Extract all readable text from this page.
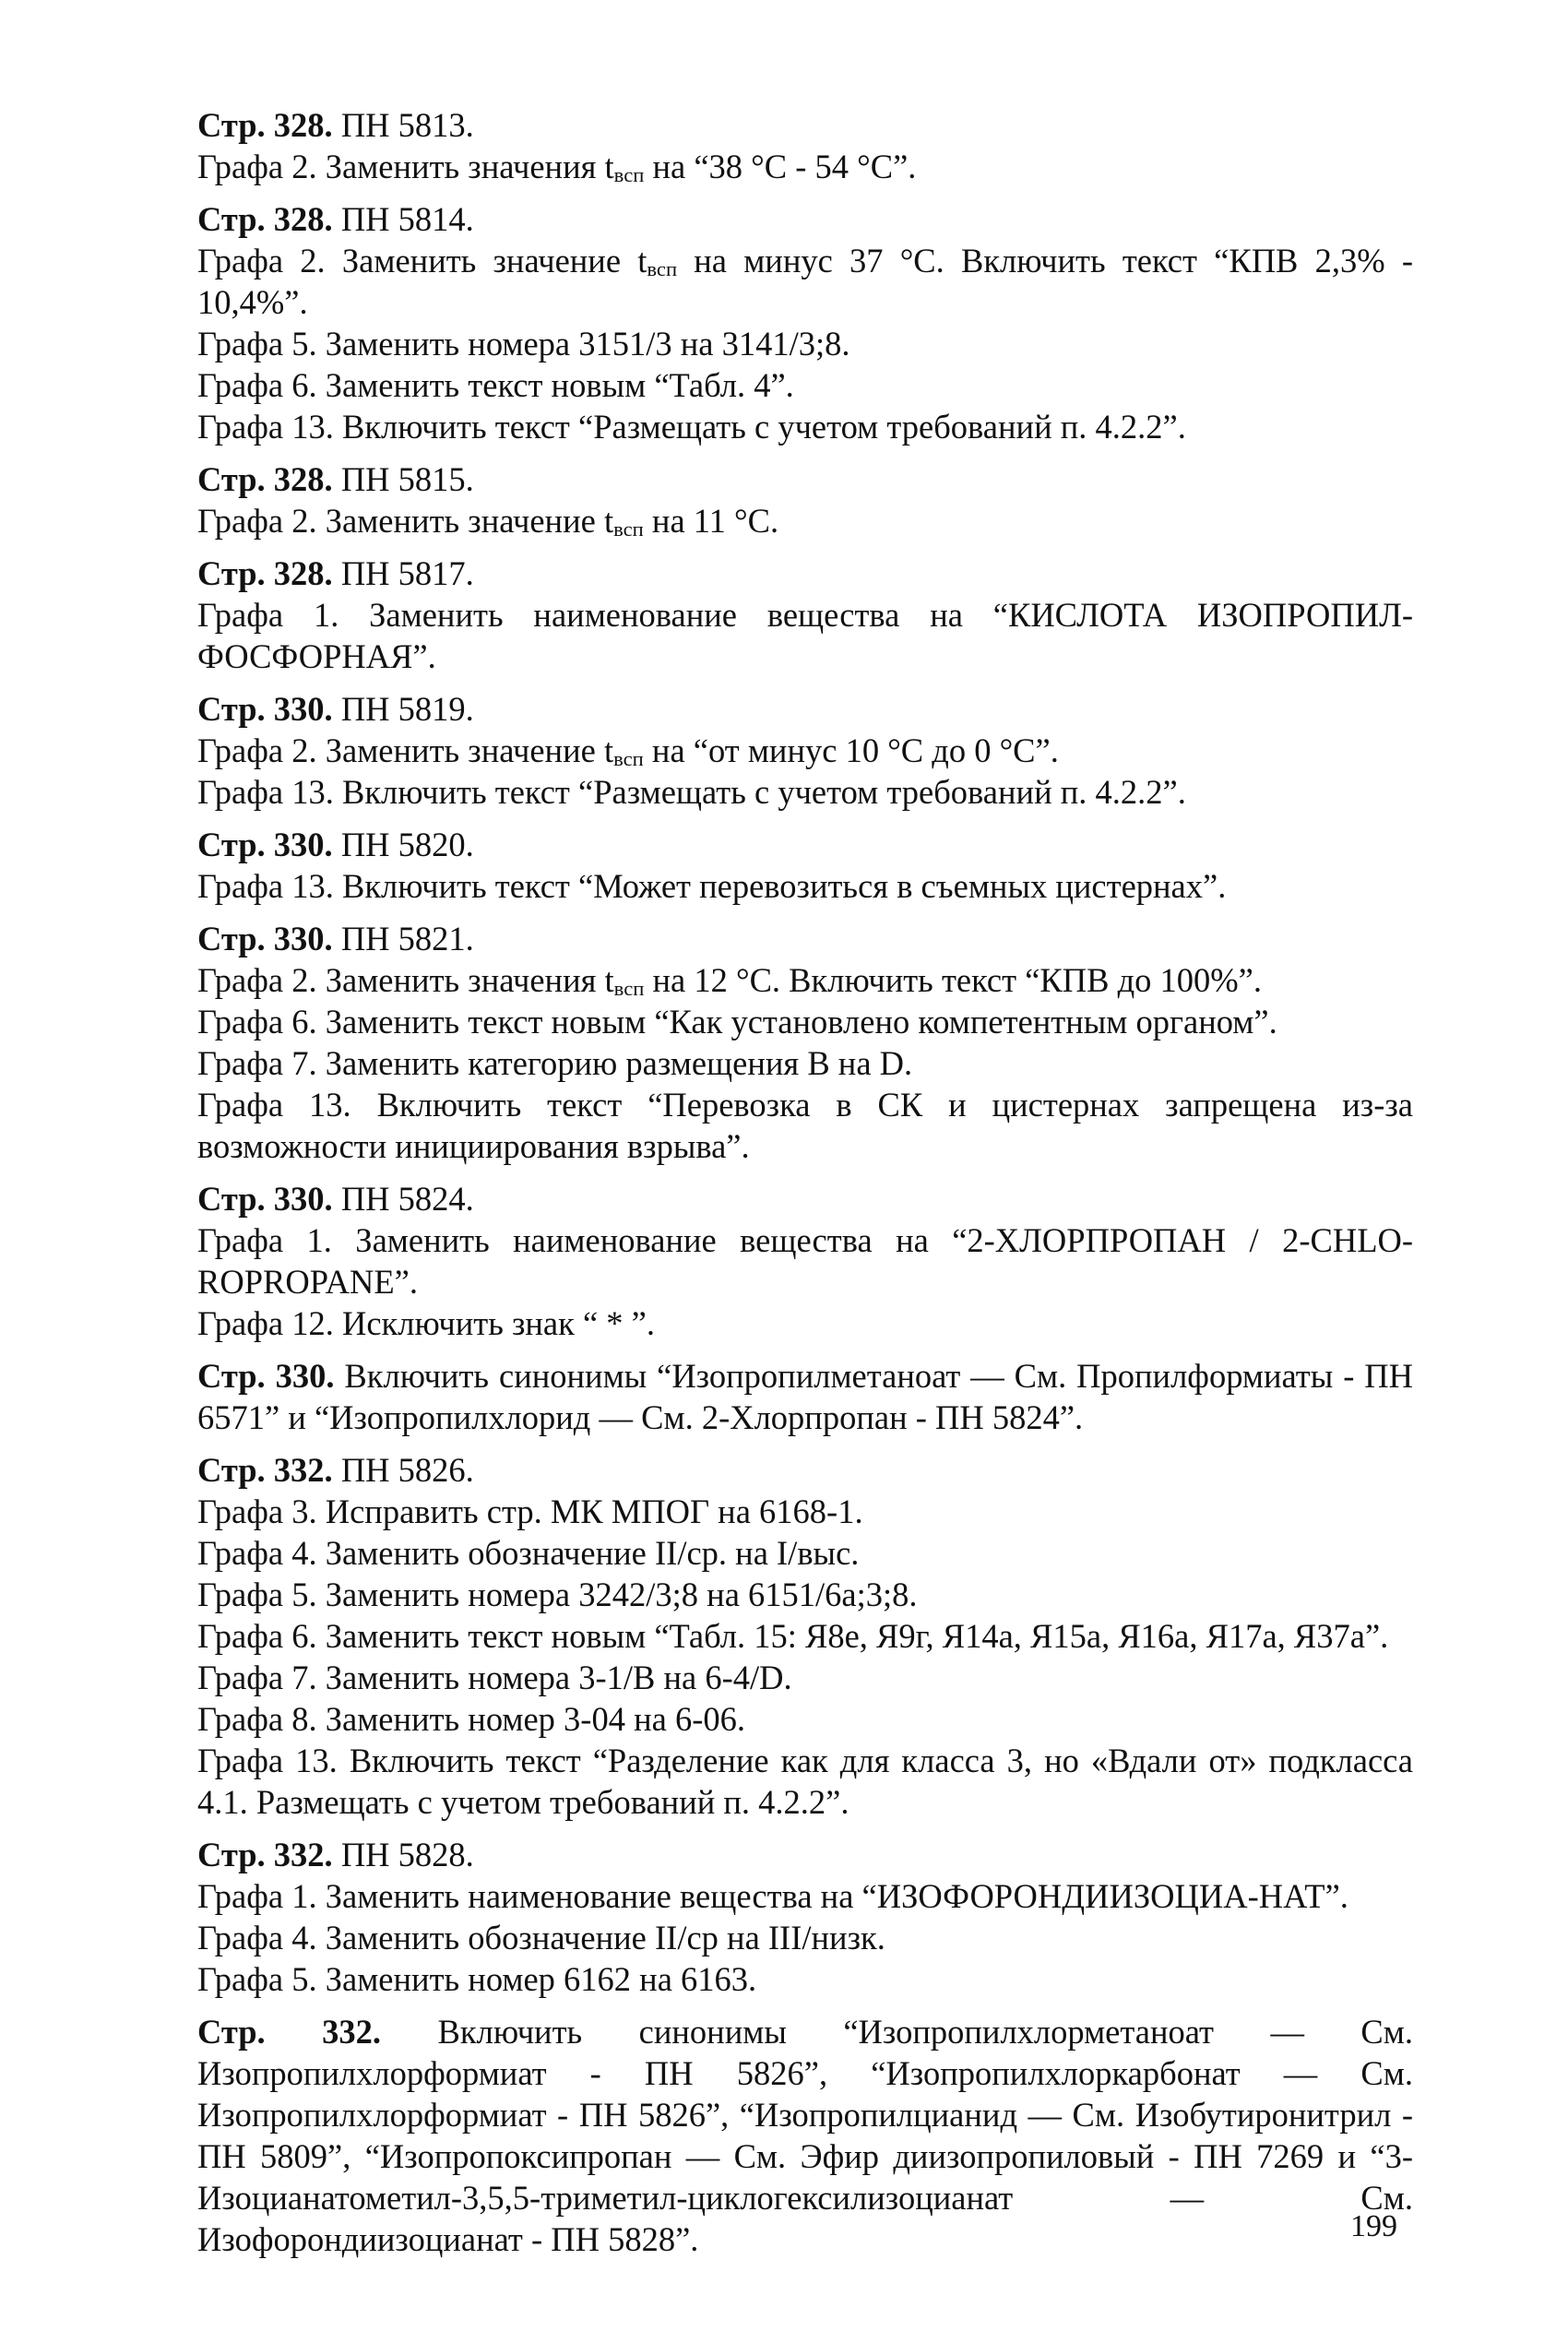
Стр. 328. ПН 5813.

Графа 2. Заменить значения $t_{всп}$ на “38 °С - 54 °С”.

Стр. 328. ПН 5814.

Графа 2. Заменить значение $t_{всп}$ на минус 37 °С. Включить текст “КПВ 2,3% - 10,4%”.

Графа 5. Заменить номера 3151/3 на 3141/3;8.

Графа 6. Заменить текст новым “Табл. 4”.

Графа 13. Включить текст “Размещать с учетом требований п. 4.2.2”.

Стр. 328. ПН 5815.

Графа 2. Заменить значение $t_{всп}$ на 11 °С.

Стр. 328. ПН 5817.

Графа 1. Заменить наименование вещества на “КИСЛОТА ИЗОПРОПИЛ-ФОСФОРНАЯ”.

Стр. 330. ПН 5819.

Графа 2. Заменить значение $t_{всп}$ на “от минус 10 °С до 0 °С”.

Графа 13. Включить текст “Размещать с учетом требований п. 4.2.2”.

Стр. 330. ПН 5820.

Графа 13. Включить текст “Может перевозиться в съемных цистернах”.

Стр. 330. ПН 5821.

Графа 2. Заменить значения $t_{всп}$ на 12 °С. Включить текст “КПВ до 100%”.

Графа 6. Заменить текст новым “Как установлено компетентным органом”.

Графа 7. Заменить категорию размещения B на D.

Графа 13. Включить текст “Перевозка в СК и цистернах запрещена из-за возможности инициирования взрыва”.

Стр. 330. ПН 5824.

Графа 1. Заменить наименование вещества на “2-ХЛОРПРОПАН / 2-CHLO-ROPROPANE”.

Графа 12. Исключить знак “ * ”.

Стр. 330. Включить синонимы “Изопропилметаноат — См. Пропилформиаты - ПН 6571” и “Изопропилхлорид — См. 2-Хлорпропан - ПН 5824”.

Стр. 332. ПН 5826.

Графа 3. Исправить стр. МК МПОГ на 6168-1.

Графа 4. Заменить обозначение II/ср. на I/выс.

Графа 5. Заменить номера 3242/3;8 на 6151/6а;3;8.

Графа 6. Заменить текст новым “Табл. 15: Я8е, Я9г, Я14а, Я15а, Я16а, Я17а, Я37а”.

Графа 7. Заменить номера 3-1/В на 6-4/D.

Графа 8. Заменить номер 3-04 на 6-06.

Графа 13. Включить текст “Разделение как для класса 3, но «Вдали от» подкласса 4.1. Размещать с учетом требований п. 4.2.2”.

Стр. 332. ПН 5828.

Графа 1. Заменить наименование вещества на “ИЗОФОРОНДИИЗОЦИА-НАТ”.

Графа 4. Заменить обозначение II/ср на III/низк.

Графа 5. Заменить номер 6162 на 6163.

Стр. 332. Включить синонимы “Изопропилхлорметаноат — См. Изопропилхлорформиат - ПН 5826”, “Изопропилхлоркарбонат — См. Изопропилхлорформиат - ПН 5826”, “Изопропилцианид — См. Изобутиронитрил - ПН 5809”, “Изопропоксипропан — См. Эфир диизопропиловый - ПН 7269 и “3-Изоцианатометил-3,5,5-триметил-циклогексилизоцианат — См. Изофорондиизоцианат - ПН 5828”.	199
